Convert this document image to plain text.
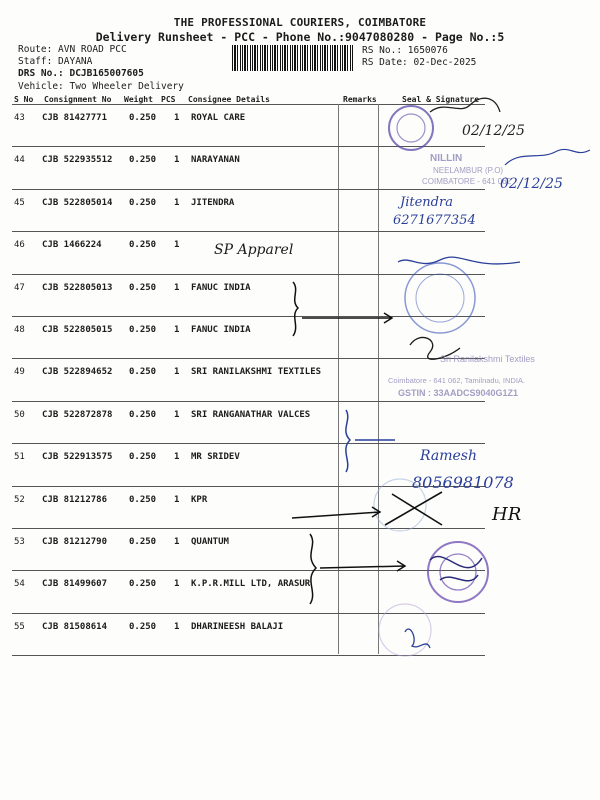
THE PROFESSIONAL COURIERS, COIMBATORE
Delivery Runsheet - PCC - Phone No.:9047080280 - Page No.:5
Route: AVN ROAD PCC
Staff: DAYANA
DRS No.: DCJB165007605
Vehicle: Two Wheeler Delivery
RS No.: 1650076
RS Date: 02-Dec-2025
S No Consignment No Weight PCS Consignee Details	Remarks	Seal & Signature
43 CJB 81427771 0.250 1 ROYAL CARE
44 CJB 522935512 0.250 1 NARAYANAN
45 CJB 522805014 0.250 1 JITENDRA
46 CJB 1466224	0.250 1
47 CJB 522805013 0.250 1 FANUC INDIA
48 CJB 522805015 0.250 1 FANUC INDIA
49 CJB 522894652 0.250 1 SRI RANILAKSHMI TEXTILES
50 CJB 522872878 0.250 1 SRI RANGANATHAR VALCES
51 CJB 522913575 0.250 1 MR SRIDEV
52 CJB 81212786 0.250 1 KPR
53 CJB 81212790 0.250 1 QUANTUM
54 CJB 81499607 0.250 1 K.P.R.MILL LTD, ARASUR
55 CJB 81508614 0.250 1 DHARINEESH BALAJI
02/12/25
NILLIN
NEELAMBUR (P.O)
COIMBATORE - 641 062
02/12/25
Jitendra
6271677354
SP Apparel
Sri Ranilakshmi Textiles
Coimbatore - 641 062, Tamilnadu, INDIA.
GSTIN : 33AADCS9040G1Z1
Ramesh
8056981078
HR
